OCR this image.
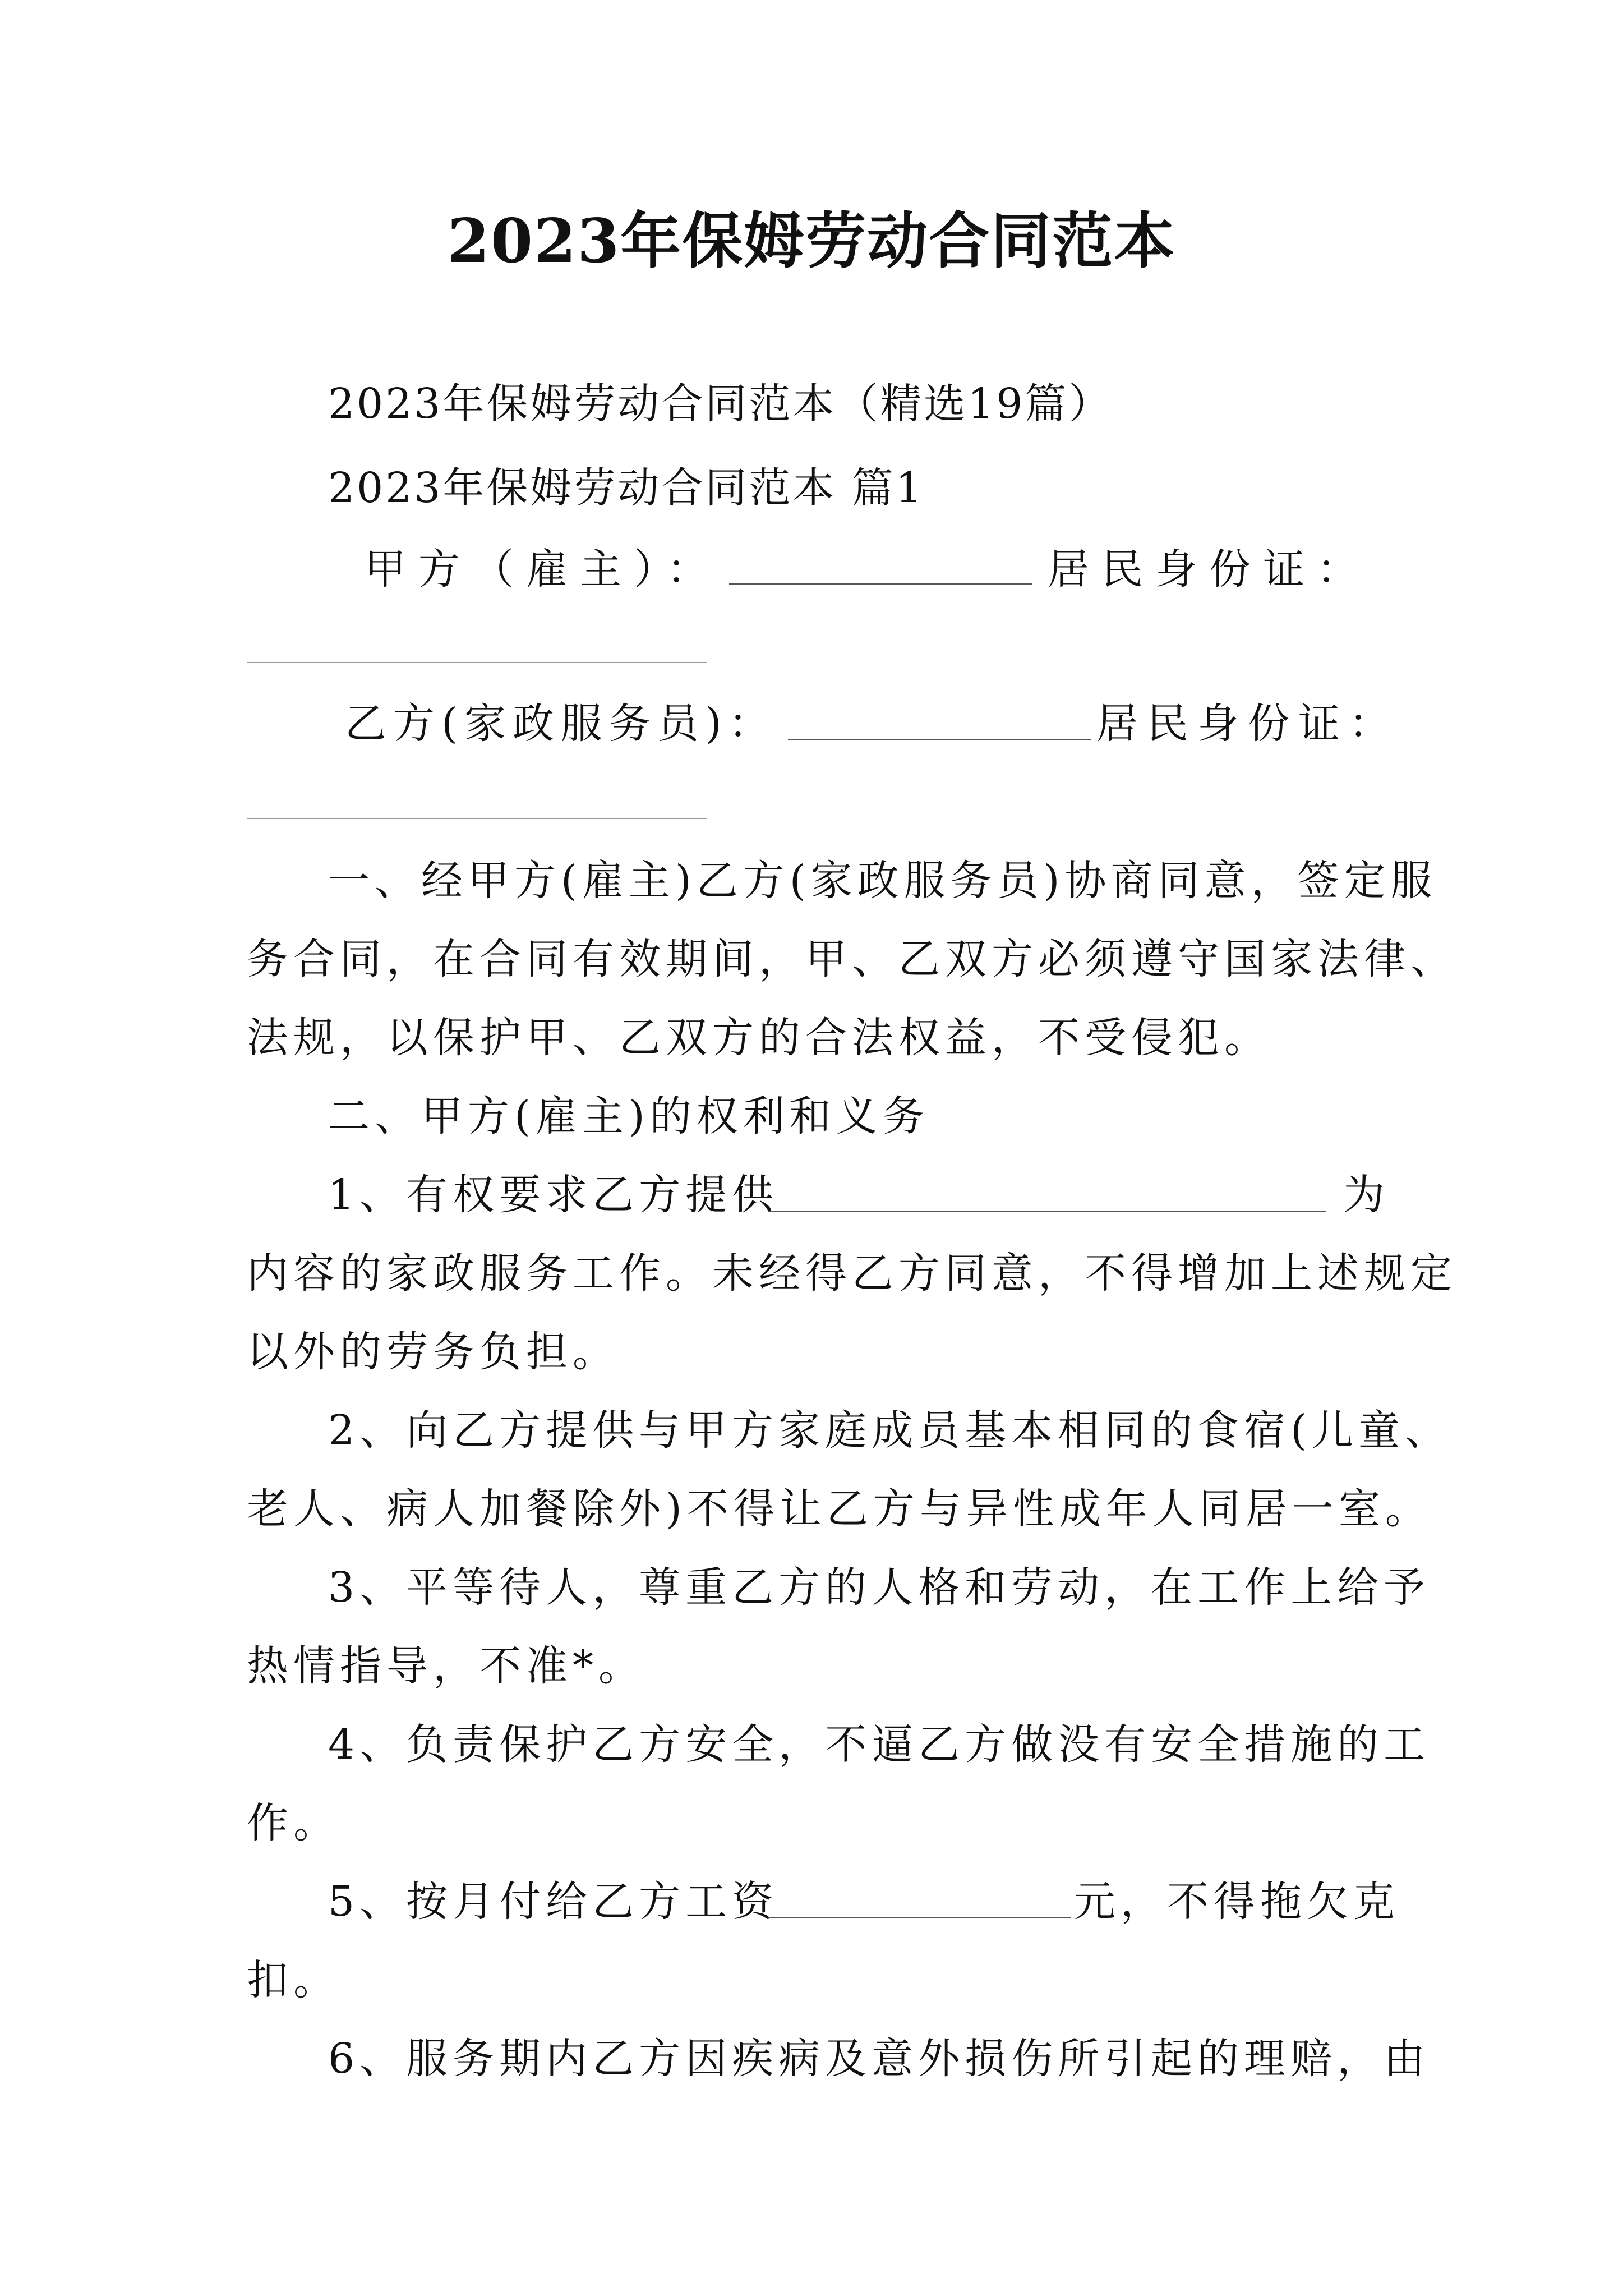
2023年保姆劳动合同范本
2023年保姆劳动合同范本（精选19篇）
2023年保姆劳动合同范本 篇1
甲方（雇主）：	居民身份证：
乙方(家政服务员)：	居民身份证：
一、经甲方(雇主)乙方(家政服务员)协商同意，签定服
务合同，在合同有效期间，甲、乙双方必须遵守国家法律、
法规，以保护甲、乙双方的合法权益，不受侵犯。
二、甲方(雇主)的权利和义务
1、有权要求乙方提供	为
内容的家政服务工作。未经得乙方同意，不得增加上述规定
以外的劳务负担。
2、向乙方提供与甲方家庭成员基本相同的食宿(儿童、
老人、病人加餐除外)不得让乙方与异性成年人同居一室。
3、平等待人，尊重乙方的人格和劳动，在工作上给予
热情指导，不准*。
4、负责保护乙方安全，不逼乙方做没有安全措施的工
作。
5、按月付给乙方工资	元，不得拖欠克
扣。
6、服务期内乙方因疾病及意外损伤所引起的理赔，由
